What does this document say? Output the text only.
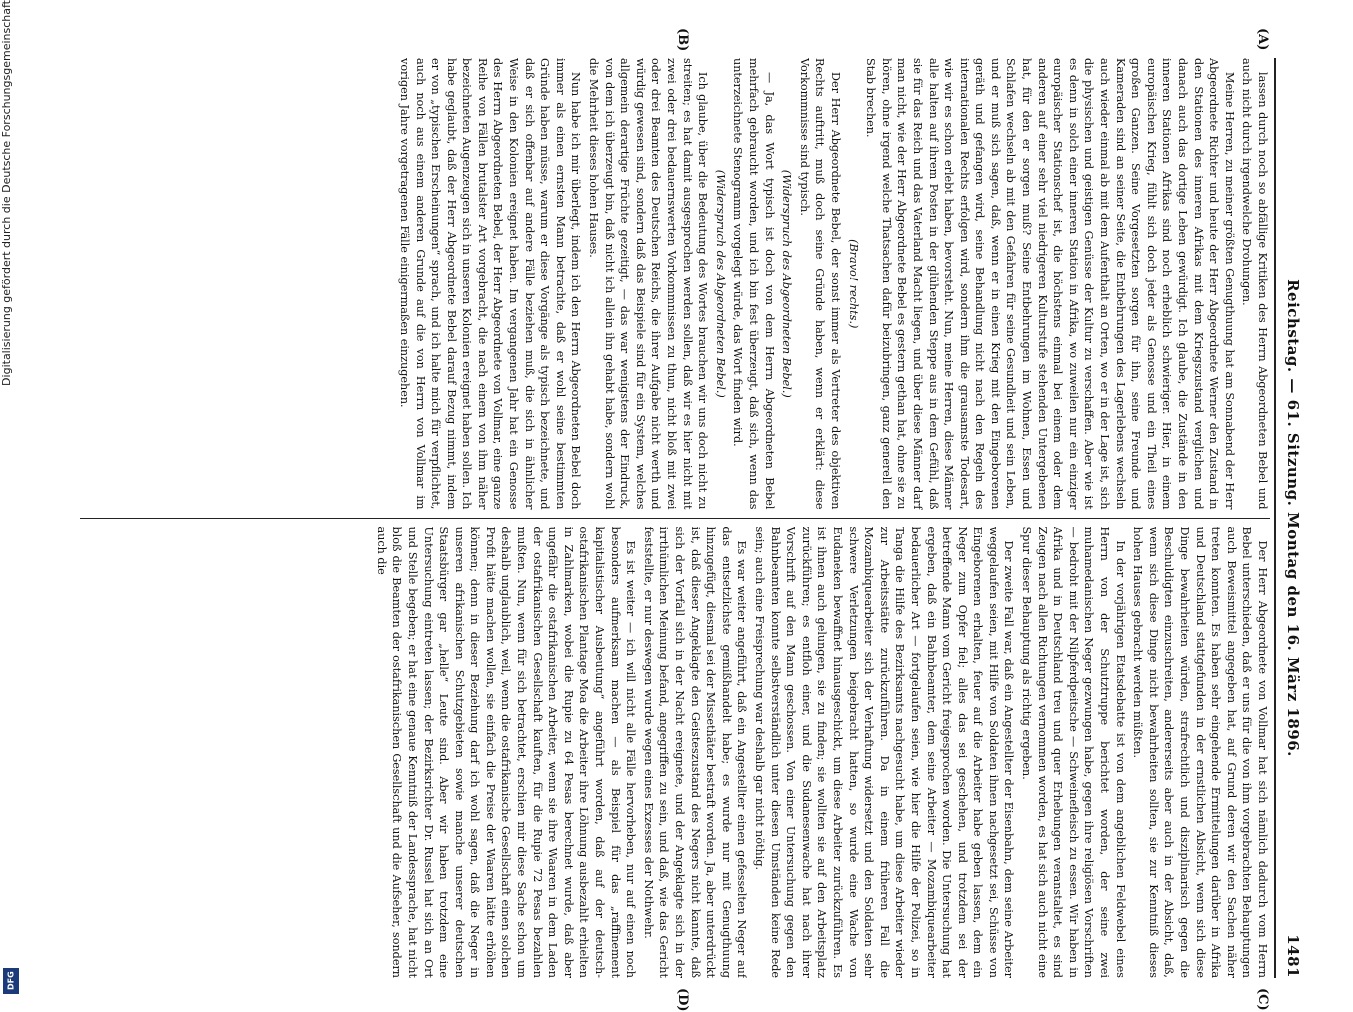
Reichstag. — 61. Sitzung. Montag den 16. März 1896.
1481

lassen durch noch so abfällige Kritiken des Herrn Abgeordneten Bebel und auch nicht durch irgendwelche Drohungen.

Meine Herren, zu meiner größten Genugthuung hat am Sonnabend der Herr Abgeordnete Richter und heute der Herr Abgeordnete Werner den Zustand in den Stationen des inneren Afrikas mit dem Kriegszustand verglichen und danach auch das dortige Leben gewürdigt. Ich glaube, die Zustände in den inneren Stationen Afrikas sind noch erheblich schwieriger. Hier, in einem europäischen Krieg, fühlt sich doch jeder als Genosse und ein Theil eines großen Ganzen. Seine Vorgesetzten sorgen für ihn, seine Freunde und Kameraden sind an seiner Seite, die Entbehrungen des Lagerlebens wechseln auch wieder einmal ab mit dem Aufenthalt an Orten, wo er in der Lage ist, sich die physischen und geistigen Genüsse der Kultur zu verschaffen. Aber wie ist es denn in solch einer inneren Station in Afrika, wo zuweilen nur ein einziger europäischer Stationschef ist, die höchstens einmal bei einem oder dem anderen auf einer sehr viel niedrigeren Kulturstufe stehenden Untergebenen hat, für den er sorgen muß? Seine Entbehrungen im Wohnen, Essen und Schlafen wechseln ab mit den Gefahren für seine Gesundheit und sein Leben, und er muß sich sagen, daß, wenn er in einen Krieg mit den Eingeborenen geräth und gefangen wird, seine Behandlung nicht nach den Regeln des internationalen Rechts erfolgen wird, sondern ihm die grausamste Todesart, wie wir es schon erlebt haben, bevorsteht. Nun, meine Herren, diese Männer alle halten auf ihrem Posten in der glühenden Steppe aus in dem Gefühl, daß sie für das Reich und das Vaterland Macht liegen, und über diese Männer darf man nicht, wie der Herr Abgeordnete Bebel es gestern gethan hat, ohne sie zu hören, ohne irgend welche Thatsachen dafür beizubringen, ganz generell den Stab brechen.

(Bravo! rechts.)

Der Herr Abgeordnete Bebel, der sonst immer als Vertreter des objektiven Rechts auftritt, muß doch seine Gründe haben, wenn er erklärt: diese Vorkommnisse sind typisch.

(Widerspruch des Abgeordneten Bebel.)

— Ja, das Wort typisch ist doch von dem Herrn Abgeordneten Bebel mehrfach gebraucht worden, und ich bin fest überzeugt, daß sich, wenn das unterzeichnete Stenogramm vorgelegt würde, das Wort finden wird.

(Widerspruch des Abgeordneten Bebel.)

Ich glaube, über die Bedeutung des Wortes brauchen wir uns doch nicht zu streiten; es hat damit ausgesprochen werden sollen, daß wir es hier nicht mit zwei oder drei bedauernswerten Vorkommnissen zu thun, nicht bloß mit zwei oder drei Beamten des Deutschen Reichs, die ihrer Aufgabe nicht werth und würdig gewesen sind, sondern daß das Beispiele sind für ein System, welches allgemein derartige Früchte gezeitigt, — das war wenigstens der Eindruck, von dem ich überzeugt bin, daß nicht ich allein ihn gehabt habe, sondern wohl die Mehrheit dieses hohen Hauses.

Nun habe ich mir überlegt, indem ich den Herrn Abgeordneten Bebel doch immer als einen ernsten Mann betrachte, daß er wohl seine bestimmten Gründe haben müsse, warum er diese Vorgänge als typisch bezeichnete, und daß er sich offenbar auf andere Fälle beziehen muß, die sich in ähnlicher Weise in den Kolonien ereignet haben. Im vergangenen Jahr hat ein Genosse des Herrn Abgeordneten Bebel, der Herr Abgeordnete von Vollmar, eine ganze Reihe von Fällen brutalster Art vorgebracht, die nach einem von ihm näher bezeichneten Augenzeugen sich in unseren Kolonien ereignet haben sollen. Ich habe geglaubt, daß der Herr Abgeordnete Bebel darauf Bezug nimmt, indem er von „typischen Erscheinungen“ sprach, und ich halte mich für verpflichtet, auch noch aus einem anderen Grunde auf die von Herrn von Vollmar im vorigen Jahre vorgetragenen Fälle einigermaßen einzugehen.

Der Herr Abgeordnete von Vollmar hat sich nämlich dadurch vom Herrn Bebel unterschieden, daß er uns für die von ihm vorgebrachten Behauptungen auch Beweismittel angegeben hat, auf Grund deren wir den Sachen näher treten konnten. Es haben sehr eingehende Ermittelungen darüber in Afrika und Deutschland stattgefunden in der ernstlichen Absicht, wenn sich diese Dinge bewahrheiten würden, strafrechtlich und disziplinarisch gegen die Beschuldigten einzuschreiten, andererseits aber auch in der Absicht, daß, wenn sich diese Dinge nicht bewahrheiten sollten, sie zur Kenntniß dieses hohen Hauses gebracht werden müßten.

In der vorjährigen Etatsdebatte ist von dem angeblichen Feldwebel eines Herrn von der Schutztruppe berichtet worden, der seine zwei muhamedanischen Neger gezwungen habe, gegen ihre religiösen Vorschriften — bedroht mit der Nilpferdpeitsche — Schweinefleisch zu essen. Wir haben in Afrika und in Deutschland treu und quer Erhebungen veranstaltet, es sind Zeugen nach allen Richtungen vernommen worden, es hat sich auch nicht eine Spur dieser Behauptung als richtig ergeben.

Der zweite Fall war, daß ein Angestellter der Eisenbahn, dem seine Arbeiter weggelaufen seien, mit Hilfe von Soldaten ihnen nachgesetzt sei, Schüsse von Eingeborenen erhalten, feuer auf die Arbeiter habe geben lassen, dem ein Neger zum Opfer fiel; alles das sei geschehen, und trotzdem sei der betreffende Mann vom Gericht freigesprochen worden. Die Untersuchung hat ergeben, daß ein Bahnbeamter, dem seine Arbeiter — Mozambiquearbeiter bedauerlicher Art — fortgelaufen seien, wie hier die Hilfe der Polizei, so in Tanga die Hilfe des Bezirksamts nachgesucht habe, um diese Arbeiter wieder zur Arbeitsstätte zurückzuführen. Da in einem früheren Fall die Mozambiquearbeiter sich der Verhaftung widersetzt und den Soldaten sehr schwere Verletzungen beigebracht hatten, so wurde eine Wache von Eudaneken bewaffnet hinausgeschickt, um diese Arbeiter zurückzuführen. Es ist ihnen auch gelungen, sie zu finden; sie wollten sie auf den Arbeitsplatz zurückführen; es entfloh einer, und die Sudanesenwache hat nach ihrer Vorschrift auf den Mann geschossen. Von einer Untersuchung gegen den Bahnbeamten konnte selbstverständlich unter diesen Umständen keine Rede sein; auch eine Freisprechung war deshalb gar nicht nöthig.

Es war weiter angeführt, daß ein Angestellter einen gefesselten Neger auf das entsetzlichste gemißhandelt habe; es wurde nur mit Genugthuung hinzugefügt, diesmal sei der Missethäter bestraft worden. Ja, aber unterdrückt ist, daß dieser Angeklagte den Geisteszustand des Negers nicht kannte, daß sich der Vorfall sich in der Nacht ereignete, und der Angeklagte sich in der irrthümlichen Meinung befand, angegriffen zu sein, und daß, wie das Gericht feststellte, er nur deswegen wurde wegen eines Exzesses der Nothwehr.

Es ist weiter — ich will nicht alle Fälle hervorheben, nur auf einen noch besonders aufmerksam machen — als Beispiel für das „raffinement kapitalistischer Ausbeutung“ angeführt worden, daß auf der deutsch-ostafrikanischen Plantage Moa die Arbeiter ihre Löhnung ausbezahlt erhielten in Zahlmarken, wobei die Rupie zu 64 Pesas berechnet wurde, daß aber ungefähr die ostafrikanischen Arbeiter, wenn sie ihre Waaren in dem Laden der ostafrikanischen Gesellschaft kauften, für die Rupie 72 Pesas bezahlen mußten. Nun, wenn für sich betrachtet, erschien mir diese Sache schon um deshalb unglaublich, weil, wenn die ostafrikanische Gesellschaft einen solchen Profit hätte machen wollen, sie einfach die Preise der Waaren hätte erhöhen können; denn in dieser Beziehung darf ich wohl sagen, daß die Neger in unseren afrikanischen Schutzgebieten sowie manche unserer deutschen Staatsbürger gar „helle“ Leute sind. Aber wir haben trotzdem eine Untersuchung eintreten lassen; der Bezirksrichter Dr. Russel hat sich an Ort und Stelle begeben; er hat eine genaue Kenntniß der Landessprache, hat nicht bloß die Beamten der ostafrikanischen Gesellschaft und die Aufseher, sondern auch die

(A)
(B)
(C)
(D)
Digitalisierung gefördert durch die Deutsche Forschungsgemeinschaft
DFG
